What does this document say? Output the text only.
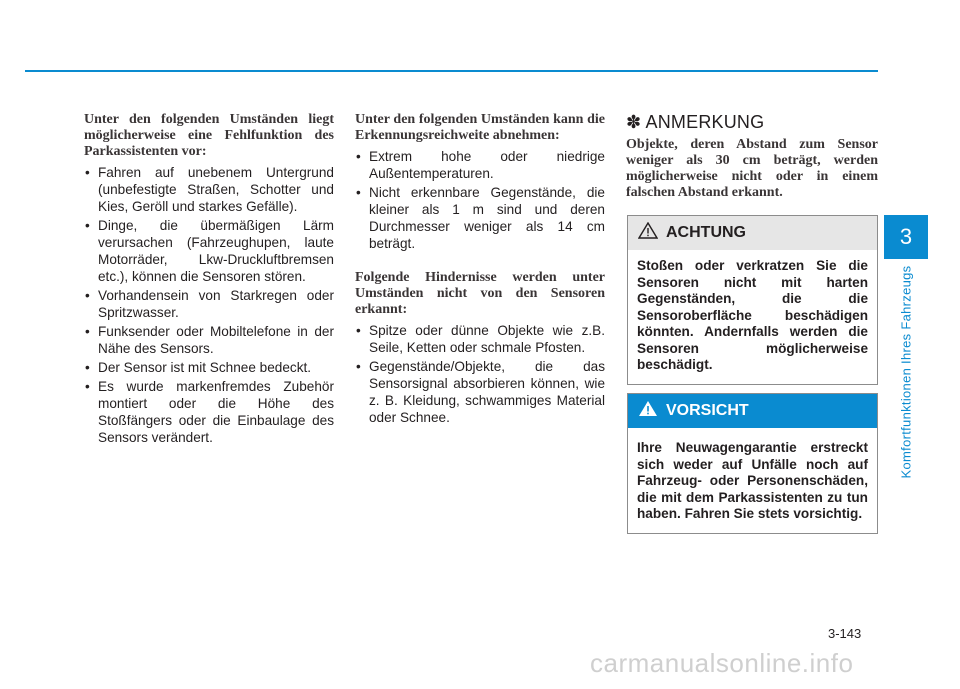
Unter den folgenden Umständen liegt möglicherweise eine Fehlfunktion des Parkassistenten vor:

• Fahren auf unebenem Untergrund (unbefestigte Straßen, Schotter und Kies, Geröll und starkes Gefälle).
• Dinge, die übermäßigen Lärm verursachen (Fahrzeughupen, laute Motorräder, Lkw-Druckluftbremsen etc.), können die Sensoren stören.
• Vorhandensein von Starkregen oder Spritzwasser.
• Funksender oder Mobiltelefone in der Nähe des Sensors.
• Der Sensor ist mit Schnee bedeckt.
• Es wurde markenfremdes Zubehör montiert oder die Höhe des Stoßfängers oder die Einbaulage des Sensors verändert.

Unter den folgenden Umständen kann die Erkennungsreichweite abnehmen:

• Extrem hohe oder niedrige Außentemperaturen.
• Nicht erkennbare Gegenstände, die kleiner als 1 m sind und deren Durchmesser weniger als 14 cm beträgt.

Folgende Hindernisse werden unter Umständen nicht von den Sensoren erkannt:

• Spitze oder dünne Objekte wie z.B. Seile, Ketten oder schmale Pfosten.
• Gegenstände/Objekte, die das Sensorsignal absorbieren können, wie z. B. Kleidung, schwammiges Material oder Schnee.
✽ ANMERKUNG

Objekte, deren Abstand zum Sensor weniger als 30 cm beträgt, werden möglicherweise nicht oder in einem falschen Abstand erkannt.

ACHTUNG
Stoßen oder verkratzen Sie die Sensoren nicht mit harten Gegenständen, die die Sensoroberfläche beschädigen könnten. Andernfalls werden die Sensoren möglicherweise beschädigt.
VORSICHT
Ihre Neuwagengarantie erstreckt sich weder auf Unfälle noch auf Fahrzeug- oder Personenschäden, die mit dem Parkassistenten zu tun haben. Fahren Sie stets vorsichtig.
3
Komfortfunktionen Ihres Fahrzeugs
3-143
carmanualsonline.info
